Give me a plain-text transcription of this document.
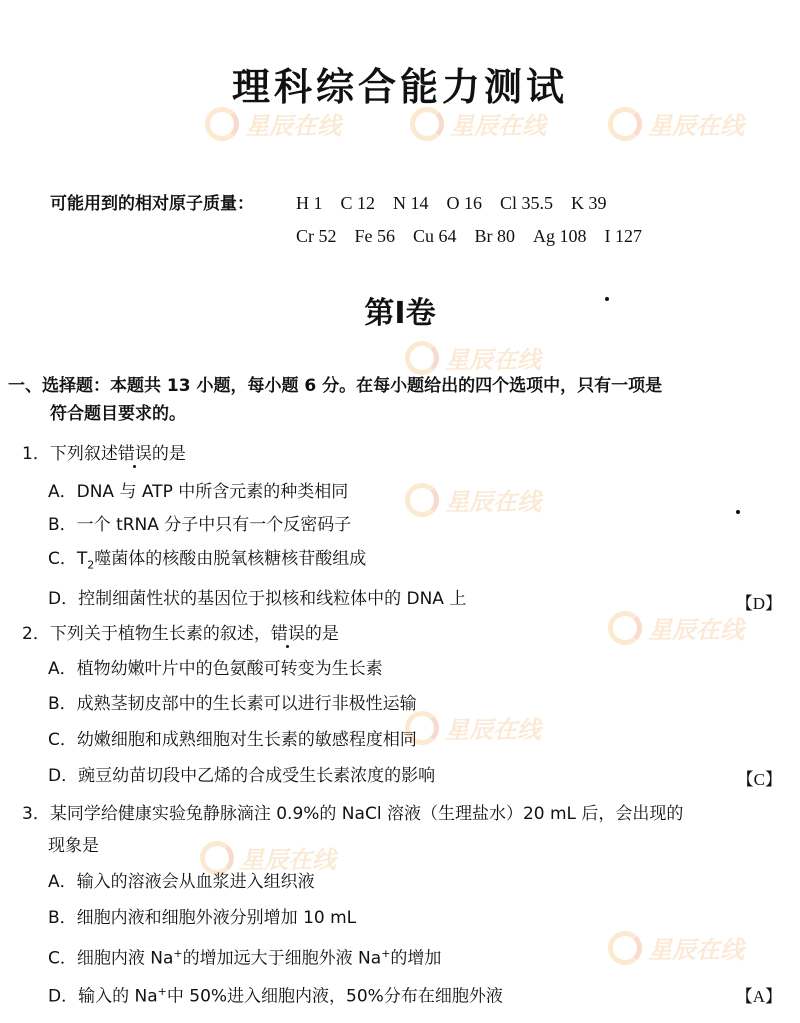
星辰在线	星辰在线	星辰在线
星辰在线
星辰在线
星辰在线
星辰在线
星辰在线
星辰在线
理科综合能力测试
可能用到的相对原子质量： H 1 C 12 N 14 O 16 Cl 35.5 K 39
Cr 52 Fe 56 Cu 64 Br 80 Ag 108 I 127
第Ⅰ卷
一、选择题：本题共 13 小题，每小题 6 分。在每小题给出的四个选项中，只有一项是
符合题目要求的。
1．下列叙述错误的是
A．DNA 与 ATP 中所含元素的种类相同
B．一个 tRNA 分子中只有一个反密码子
C．$T_2$噬菌体的核酸由脱氧核糖核苷酸组成
D．控制细菌性状的基因位于拟核和线粒体中的 DNA 上	【D】
2．下列关于植物生长素的叙述，错误的是
A．植物幼嫩叶片中的色氨酸可转变为生长素
B．成熟茎韧皮部中的生长素可以进行非极性运输
C．幼嫩细胞和成熟细胞对生长素的敏感程度相同
D．豌豆幼苗切段中乙烯的合成受生长素浓度的影响	【C】
3．某同学给健康实验兔静脉滴注 0.9%的 NaCl 溶液（生理盐水）20 mL 后，会出现的
现象是
A．输入的溶液会从血浆进入组织液
B．细胞内液和细胞外液分别增加 10 mL
C．细胞内液 Na+的增加远大于细胞外液 Na+的增加
D．输入的 Na+中 50%进入细胞内液，50%分布在细胞外液	【A】
